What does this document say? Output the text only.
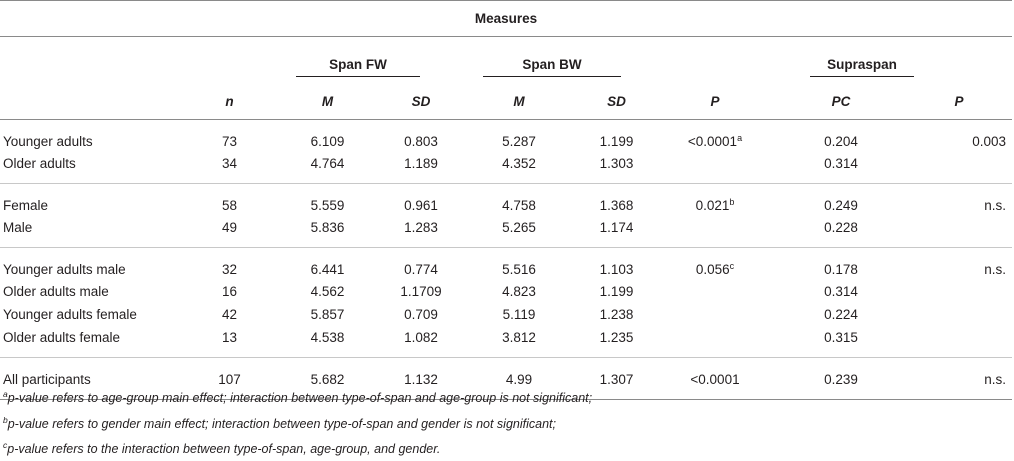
Measures								
		Span FW		Span BW			Supraspan	
	n	M	SD	M	SD	P	PC	P
Younger adults	73	6.109	0.803	5.287	1.199	<0.0001$^a$	0.204	0.003
Older adults	34	4.764	1.189	4.352	1.303		0.314	
Female	58	5.559	0.961	4.758	1.368	0.021$^b$	0.249	n.s.
Male	49	5.836	1.283	5.265	1.174		0.228	
Younger adults male	32	6.441	0.774	5.516	1.103	0.056$^c$	0.178	n.s.
Older adults male	16	4.562	1.1709	4.823	1.199		0.314	
Younger adults female	42	5.857	0.709	5.119	1.238		0.224	
Older adults female	13	4.538	1.082	3.812	1.235		0.315	
All participants	107	5.682	1.132	4.99	1.307	<0.0001	0.239	n.s.
$^a$p-value refers to age-group main effect; interaction between type-of-span and age-group is not significant;
$^b$p-value refers to gender main effect; interaction between type-of-span and gender is not significant;
$^c$p-value refers to the interaction between type-of-span, age-group, and gender.
